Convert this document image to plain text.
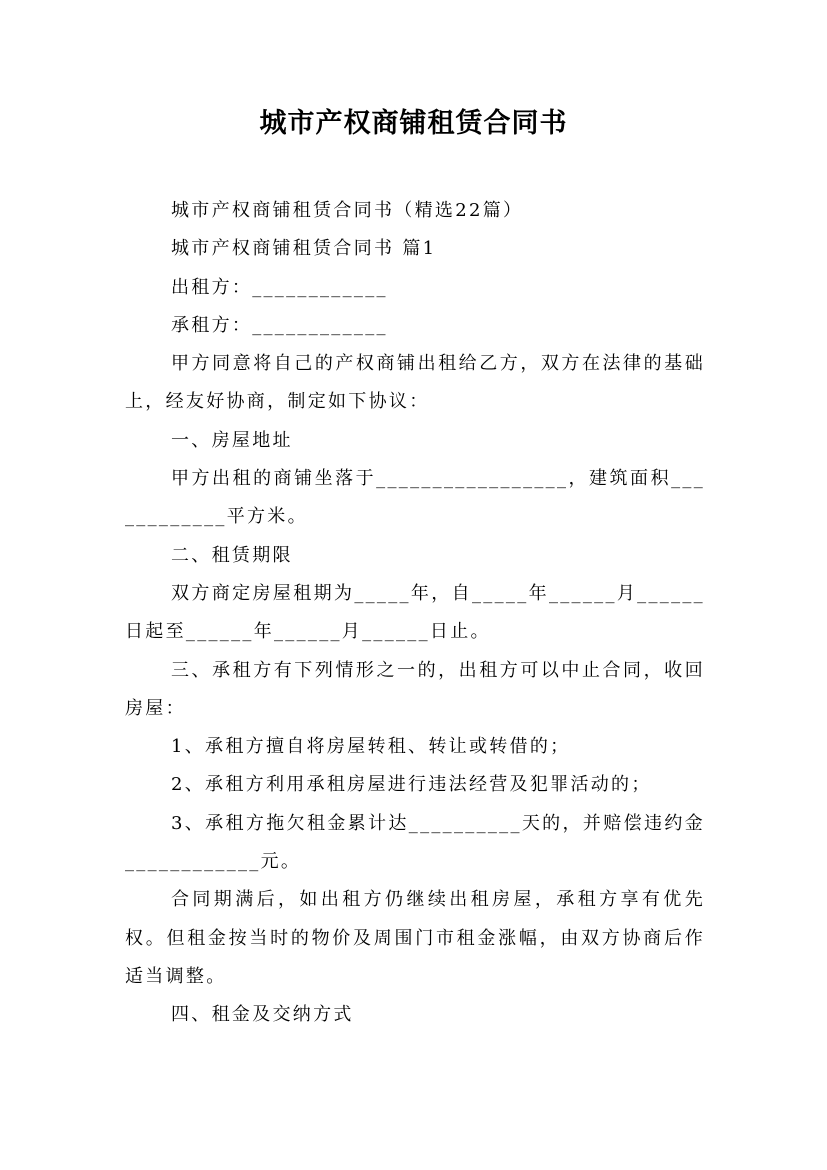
城市产权商铺租赁合同书

城市产权商铺租赁合同书（精选22篇）

城市产权商铺租赁合同书 篇1

出租方：____________

承租方：____________

甲方同意将自己的产权商铺出租给乙方，双方在法律的基础上，经友好协商，制定如下协议：

一、房屋地址

甲方出租的商铺坐落于_________________，建筑面积____________平方米。

二、租赁期限

双方商定房屋租期为_____年，自_____年______月______日起至______年______月______日止。

三、承租方有下列情形之一的，出租方可以中止合同，收回房屋：

1、承租方擅自将房屋转租、转让或转借的；

2、承租方利用承租房屋进行违法经营及犯罪活动的；

3、承租方拖欠租金累计达__________天的，并赔偿违约金____________元。

合同期满后，如出租方仍继续出租房屋，承租方享有优先权。但租金按当时的物价及周围门市租金涨幅，由双方协商后作适当调整。

四、租金及交纳方式
